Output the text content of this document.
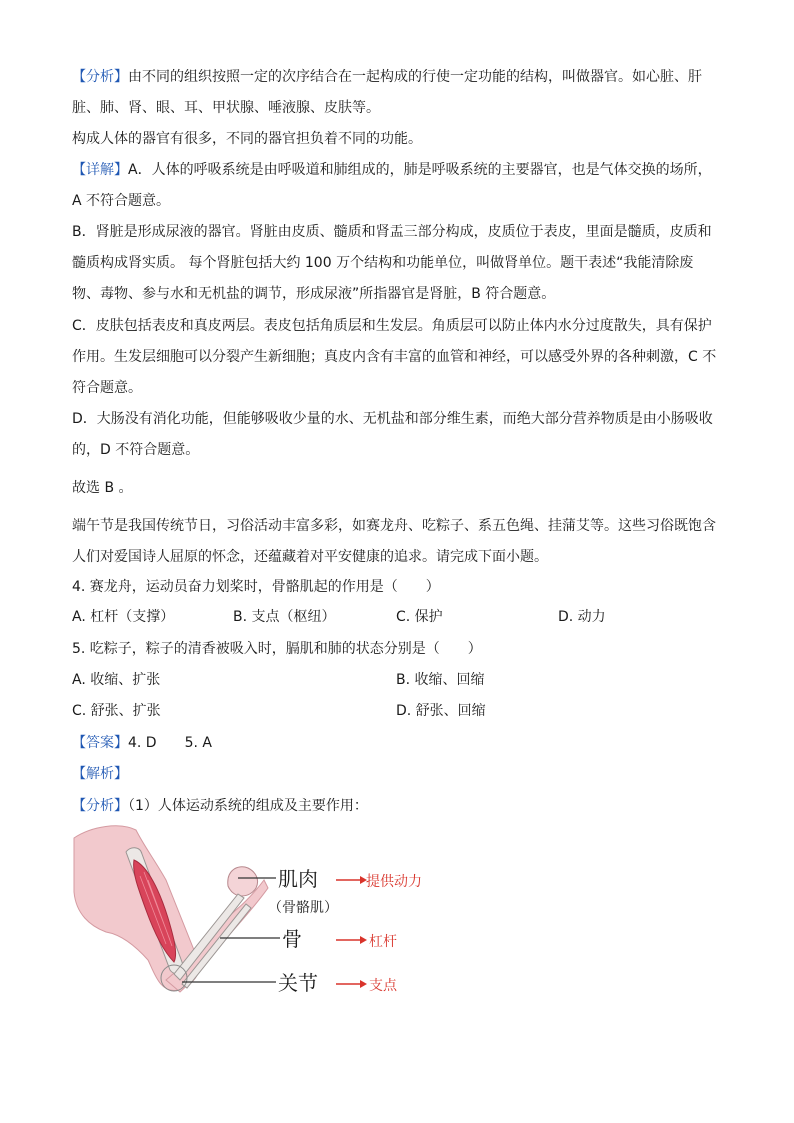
【分析】由不同的组织按照一定的次序结合在一起构成的行使一定功能的结构，叫做器官。如心脏、肝
脏、肺、肾、眼、耳、甲状腺、唾液腺、皮肤等。
构成人体的器官有很多，不同的器官担负着不同的功能。
【详解】A．人体的呼吸系统是由呼吸道和肺组成的，肺是呼吸系统的主要器官，也是气体交换的场所，
A 不符合题意。
B．肾脏是形成尿液的器官。肾脏由皮质、髓质和肾盂三部分构成，皮质位于表皮，里面是髓质，皮质和
髓质构成肾实质。 每个肾脏包括大约 100 万个结构和功能单位，叫做肾单位。题干表述“我能清除废
物、毒物、参与水和无机盐的调节，形成尿液”所指器官是肾脏，B 符合题意。
C．皮肤包括表皮和真皮两层。表皮包括角质层和生发层。角质层可以防止体内水分过度散失，具有保护
作用。生发层细胞可以分裂产生新细胞；真皮内含有丰富的血管和神经，可以感受外界的各种刺激，C 不
符合题意。
D．大肠没有消化功能，但能够吸收少量的水、无机盐和部分维生素，而绝大部分营养物质是由小肠吸收
的，D 不符合题意。
故选 B 。
端午节是我国传统节日，习俗活动丰富多彩，如赛龙舟、吃粽子、系五色绳、挂蒲艾等。这些习俗既饱含
人们对爱国诗人屈原的怀念，还蕴藏着对平安健康的追求。请完成下面小题。
4. 赛龙舟，运动员奋力划桨时，骨骼肌起的作用是（　　）
A. 杠杆（支撑）	B. 支点（枢纽）	C. 保护	D. 动力
5. 吃粽子，粽子的清香被吸入时，膈肌和肺的状态分别是（　　）
A. 收缩、扩张	B. 收缩、回缩
C. 舒张、扩张	D. 舒张、回缩
【答案】4. D　　5. A
【解析】
【分析】（1）人体运动系统的组成及主要作用：
肌肉
（骨骼肌）
骨
关节
提供动力
杠杆
支点
